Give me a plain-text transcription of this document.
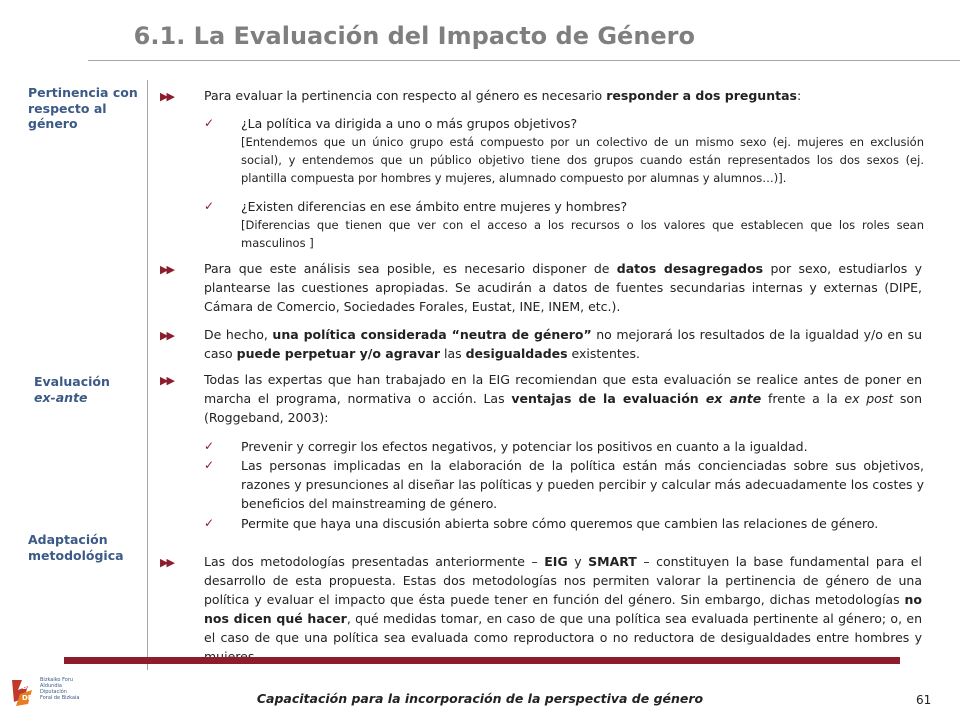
6.1. La Evaluación del Impacto de Género
Pertinencia con respecto al género
Evaluación
ex-ante
Adaptación metodológica
▶▶ Para evaluar la pertinencia con respecto al género es necesario responder a dos preguntas:
✓ ¿La política va dirigida a uno o más grupos objetivos?
[Entendemos que un único grupo está compuesto por un colectivo de un mismo sexo (ej. mujeres en exclusión social), y entendemos que un público objetivo tiene dos grupos cuando están representados los dos sexos (ej. plantilla compuesta por hombres y mujeres, alumnado compuesto por alumnas y alumnos…)].
✓ ¿Existen diferencias en ese ámbito entre mujeres y hombres?
[Diferencias que tienen que ver con el acceso a los recursos o los valores que establecen que los roles sean masculinos ]
▶▶ Para que este análisis sea posible, es necesario disponer de datos desagregados por sexo, estudiarlos y plantearse las cuestiones apropiadas. Se acudirán a datos de fuentes secundarias internas y externas (DIPE, Cámara de Comercio, Sociedades Forales, Eustat, INE, INEM, etc.).
▶▶ De hecho, una política considerada “neutra de género” no mejorará los resultados de la igualdad y/o en su caso puede perpetuar y/o agravar las desigualdades existentes.
▶▶ Todas las expertas que han trabajado en la EIG recomiendan que esta evaluación se realice antes de poner en marcha el programa, normativa o acción. Las ventajas de la evaluación ex ante frente a la ex post son (Roggeband, 2003):
✓ Prevenir y corregir los efectos negativos, y potenciar los positivos en cuanto a la igualdad.
✓ Las personas implicadas en la elaboración de la política están más concienciadas sobre sus objetivos, razones y presunciones al diseñar las políticas y pueden percibir y calcular más adecuadamente los costes y beneficios del mainstreaming de género.
✓ Permite que haya una discusión abierta sobre cómo queremos que cambien las relaciones de género.
▶▶ Las dos metodologías presentadas anteriormente – EIG y SMART – constituyen la base fundamental para el desarrollo de esta propuesta. Estas dos metodologías nos permiten valorar la pertinencia de género de una política y evaluar el impacto que ésta puede tener en función del género. Sin embargo, dichas metodologías no nos dicen qué hacer, qué medidas tomar, en caso de que una política sea evaluada pertinente al género; o, en el caso de que una política sea evaluada como reproductora o no reductora de desigualdades entre hombres y
BFA
DFB
Bizkaiko Foru
Aldundia
Diputación
Foral de Bizkaia	Capacitación para la incorporación de la perspectiva de género	61
